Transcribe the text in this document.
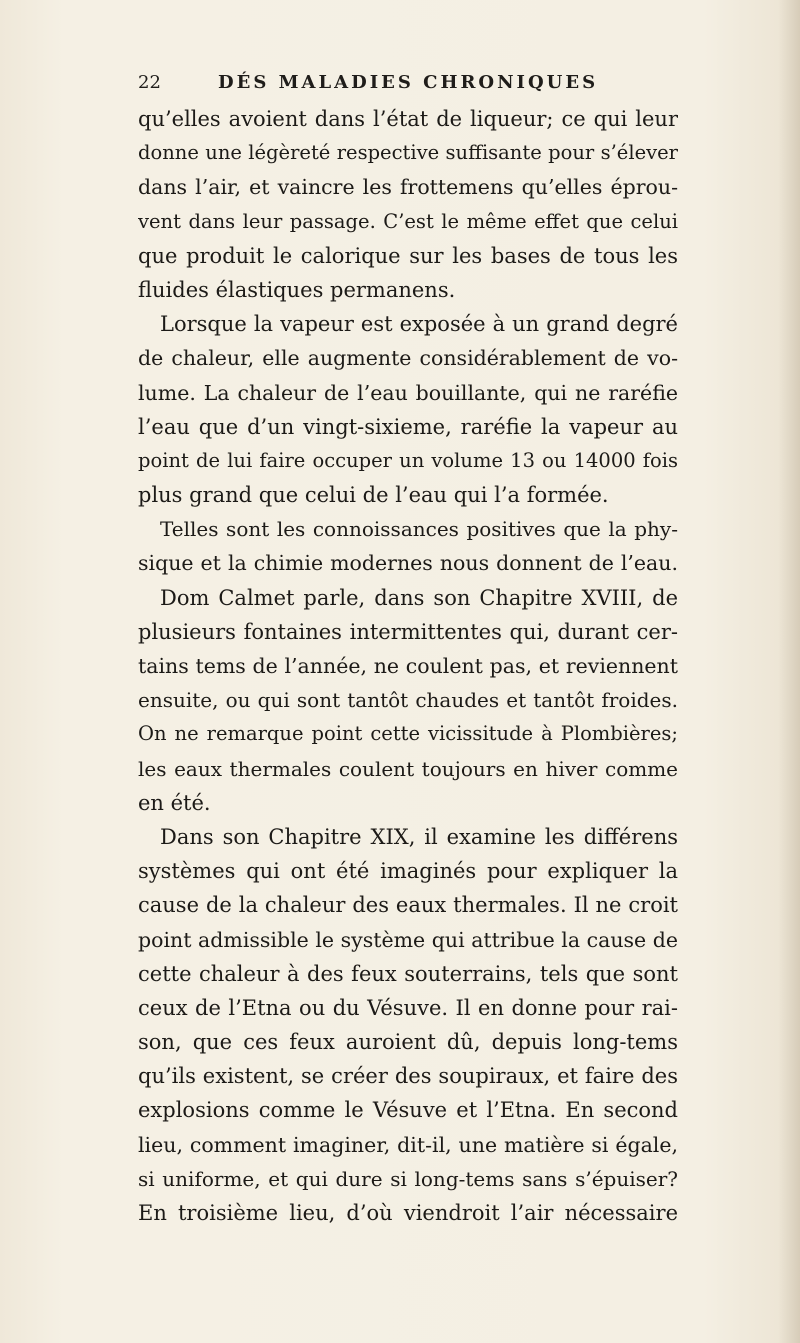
22	DÉS MALADIES CHRONIQUES
qu’elles avoient dans l’état de liqueur; ce qui leur
donne une légèreté respective suffisante pour s’élever
dans l’air, et vaincre les frottemens qu’elles éprou-
vent dans leur passage. C’est le même effet que celui
que produit le calorique sur les bases de tous les
fluides élastiques permanens.
Lorsque la vapeur est exposée à un grand degré
de chaleur, elle augmente considérablement de vo-
lume. La chaleur de l’eau bouillante, qui ne raréfie
l’eau que d’un vingt-sixieme, raréfie la vapeur au
point de lui faire occuper un volume 13 ou 14000 fois
plus grand que celui de l’eau qui l’a formée.
Telles sont les connoissances positives que la phy-
sique et la chimie modernes nous donnent de l’eau.
Dom Calmet parle, dans son Chapitre XVIII, de
plusieurs fontaines intermittentes qui, durant cer-
tains tems de l’année, ne coulent pas, et reviennent
ensuite, ou qui sont tantôt chaudes et tantôt froides.
On ne remarque point cette vicissitude à Plombières;
les eaux thermales coulent toujours en hiver comme
en été.
Dans son Chapitre XIX, il examine les différens
systèmes qui ont été imaginés pour expliquer la
cause de la chaleur des eaux thermales. Il ne croit
point admissible le système qui attribue la cause de
cette chaleur à des feux souterrains, tels que sont
ceux de l’Etna ou du Vésuve. Il en donne pour rai-
son, que ces feux auroient dû, depuis long-tems
qu’ils existent, se créer des soupiraux, et faire des
explosions comme le Vésuve et l’Etna. En second
lieu, comment imaginer, dit-il, une matière si égale,
si uniforme, et qui dure si long-tems sans s’épuiser?
En troisième lieu, d’où viendroit l’air nécessaire
